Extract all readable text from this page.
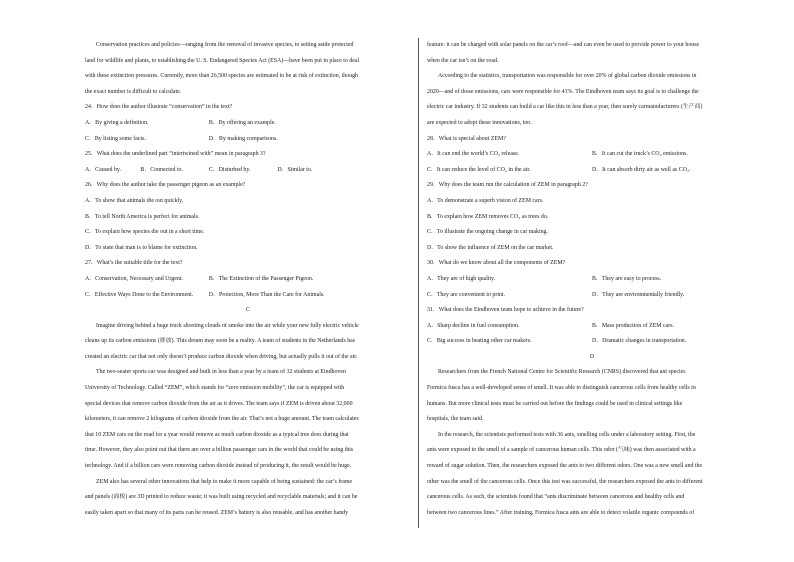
Conservation practices and policies—ranging from the removal of invasive species, to setting aside protected
land for wildlife and plants, to establishing the U. S. Endangered Species Act (ESA)—have been put in place to deal
with these extinction pressures. Currently, more than 26,500 species are estimated to be at risk of extinction, though
the exact number is difficult to calculate.
24．How does the author illustrate “conservation” in the text?
A．By giving a definition.	B．By offering an example.
C．By listing some facts.	D．By making comparisons.
25．What does the underlined part “intertwined with” mean in paragraph 3?
A．Caused by.	B．Connected to.	C．Disturbed by.	D．Similar to.
26．Why does the author take the passenger pigeon as an example?
A．To show that animals die out quickly.
B．To tell North America is perfect for animals.
C．To explain how species die out in a short time.
D．To state that man is to blame for extinction.
27．What’s the suitable title for the text?
A．Conservation, Necessary and Urgent.	B．The Extinction of the Passenger Pigeon.
C．Effective Ways Done to the Environment.	D．Protection, More Than the Care for Animals.
C
Imagine driving behind a huge truck shooting clouds of smoke into the air while your new fully electric vehicle
cleans up its carbon emissions (排放). This dream may soon be a reality. A team of students in the Netherlands has
created an electric car that not only doesn’t produce carbon dioxide when driving, but actually pulls it out of the air.
The two-seater sports car was designed and built in less than a year by a team of 32 students at Eindhoven
University of Technology. Called “ZEM”, which stands for “zero emission mobility”, the car is equipped with
special devices that remove carbon dioxide from the air as it drives. The team says if ZEM is driven about 32,000
kilometers, it can remove 2 kilograms of carbon dioxide from the air. That’s not a huge amount. The team calculates
that 10 ZEM cars on the road for a year would remove as much carbon dioxide as a typical tree does during that
time. However, they also point out that there are over a billion passenger cars in the world that could be using this
technology. And if a billion cars were removing carbon dioxide instead of producing it, the result would be huge.
ZEM also has several other innovations that help to make it more capable of being sustained: the car’s frame
and panels (面板) are 3D printed to reduce waste; it was built using recycled and recyclable materials; and it can be
easily taken apart so that many of its parts can be reused. ZEM’s battery is also reusable, and has another handy
feature: it can be charged with solar panels on the car’s roof—and can even be used to provide power to your house
when the car isn’t on the road.
According to the statistics, transportation was responsible for over 20% of global carbon dioxide emissions in
2020—and of those emissions, cars were responsible for 41%. The Eindhoven team says its goal is to challenge the
electric car industry. If 32 students can build a car like this in less than a year, then surely carmanufacturers (生产商)
are expected to adopt these innovations, too.
28．What is special about ZEM?
A．It can end the world’s CO₂ release.	B．It can cut the truck’s CO₂ emissions.
C．It can reduce the level of CO₂ in the air.	D．It can absorb dirty air as well as CO₂.
29．Why does the team run the calculation of ZEM in paragraph 2?
A．To demonstrate a superb vision of ZEM cars.
B．To explain how ZEM removes CO₂ as trees do.
C．To illustrate the ongoing change in car making.
D．To show the influence of ZEM on the car market.
30．What do we know about all the components of ZEM?
A．They are of high quality.	B．They are easy to process.
C．They are convenient to print.	D．They are environmentally friendly.
31．What does the Eindhoven team hope to achieve in the future?
A．Sharp decline in fuel consumption.	B．Mass production of ZEM cars.
C．Big success in beating other car makers.	D．Dramatic changes in transportation.
D
Researchers from the French National Centre for Scientific Research (CNRS) discovered that ant species
Formica fusca has a well-developed sense of smell. It was able to distinguish cancerous cells from healthy cells in
humans. But more clinical tests must be carried out before the findings could be used in clinical settings like
hospitals, the team said.
In the research, the scientists performed tests with 36 ants, smelling cells under a laboratory setting. First, the
ants were exposed to the smell of a sample of cancerous human cells. This odor (气味) was then associated with a
reward of sugar solution. Then, the researchers exposed the ants to two different odors. One was a new smell and the
other was the smell of the cancerous cells. Once this test was successful, the researchers exposed the ants to different
cancerous cells. As such, the scientists found that “ants discriminate between cancerous and healthy cells and
between two cancerous lines.” After training, Formica fusca ants are able to detect volatile organic compounds of
